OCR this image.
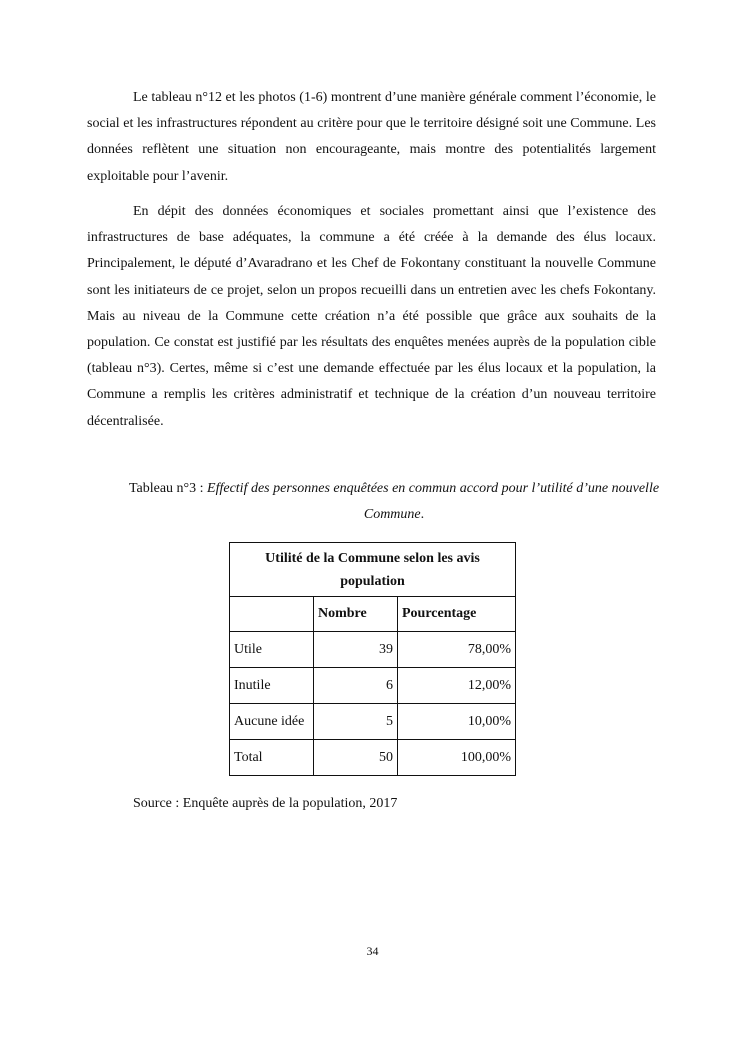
Le tableau n°12 et les photos (1-6) montrent d’une manière générale comment l’économie, le social et les infrastructures répondent au critère pour que le territoire désigné soit une Commune. Les données reflètent une situation non encourageante, mais montre des potentialités largement exploitable pour l’avenir.

En dépit des données économiques et sociales promettant ainsi que l’existence des infrastructures de base adéquates, la commune a été créée à la demande des élus locaux. Principalement, le député d’Avaradrano et les Chef de Fokontany constituant la nouvelle Commune sont les initiateurs de ce projet, selon un propos recueilli dans un entretien avec les chefs Fokontany. Mais au niveau de la Commune cette création n’a été possible que grâce aux souhaits de la population. Ce constat est justifié par les résultats des enquêtes menées auprès de la population cible (tableau n°3). Certes, même si c’est une demande effectuée par les élus locaux et la population, la Commune a remplis les critères administratif et technique de la création d’un nouveau territoire décentralisée.

Tableau n°3 : Effectif des personnes enquêtées en commun accord pour l’utilité d’une nouvelle Commune.

Utilité de la Commune selon les avis population		
	Nombre	Pourcentage
Utile	39	78,00%
Inutile	6	12,00%
Aucune idée	5	10,00%
Total	50	100,00%

Source : Enquête auprès de la population, 2017

34
